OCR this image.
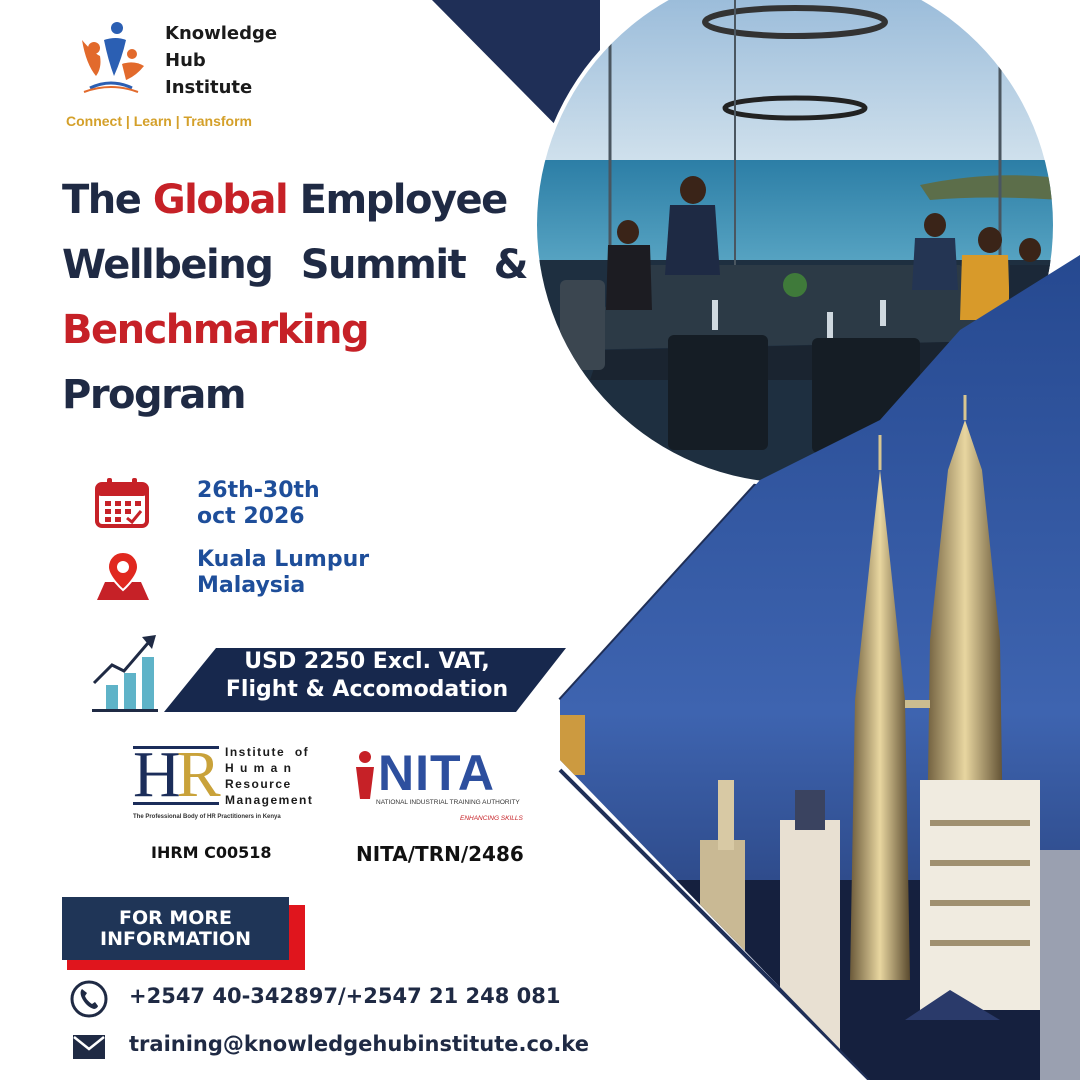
Knowledge
Hub
Institute
Connect | Learn | Transform
The Global Employee
Wellbeing Summit &
Benchmarking
Program
26th-30th
oct 2026
Kuala Lumpur
Malaysia
USD 2250 Excl. VAT,
Flight & Accomodation
HR Institute  of
H u m a n
Resource
Management
The Professional Body of HR Practitioners in Kenya
IHRM C00518
NITA
NATIONAL INDUSTRIAL TRAINING AUTHORITY
ENHANCING SKILLS
NITA/TRN/2486
FOR MORE
INFORMATION
+2547 40-342897/+2547 21 248 081
training@knowledgehubinstitute.co.ke
